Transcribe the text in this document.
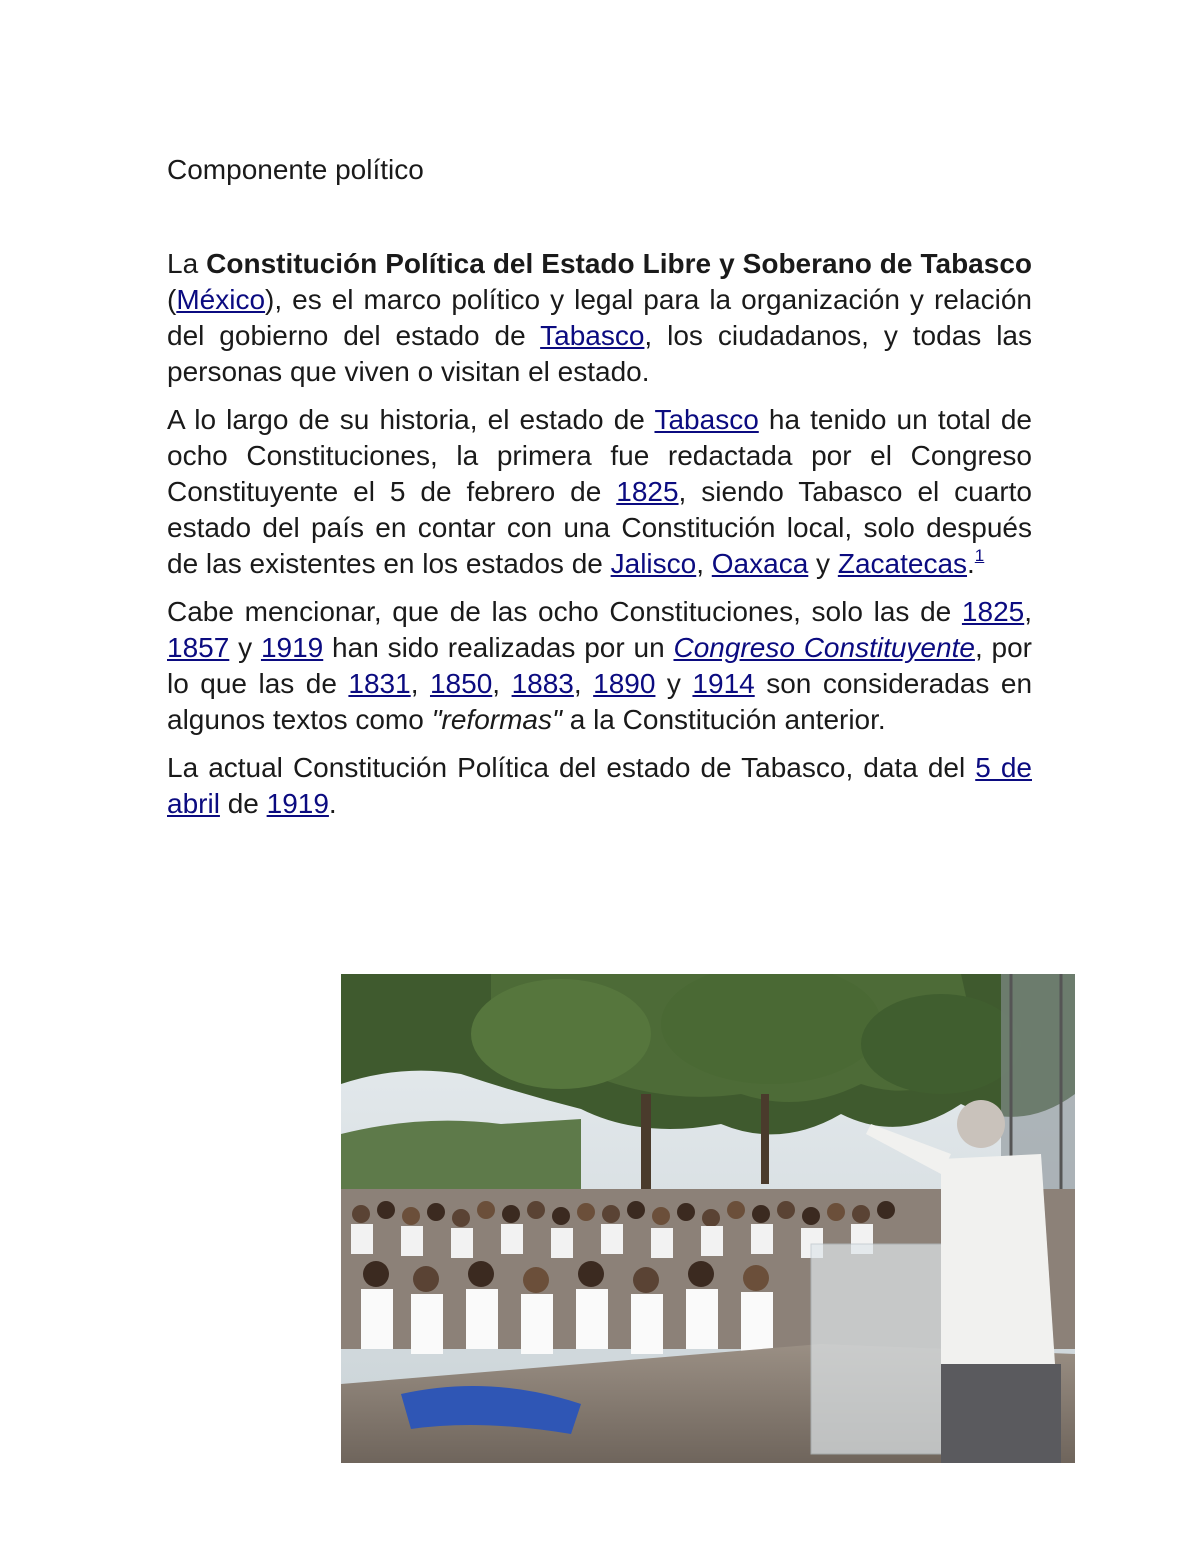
Componente político

La Constitución Política del Estado Libre y Soberano de Tabasco (México), es el marco político y legal para la organización y relación del gobierno del estado de Tabasco, los ciudadanos, y todas las personas que viven o visitan el estado.

A lo largo de su historia, el estado de Tabasco ha tenido un total de ocho Constituciones, la primera fue redactada por el Congreso Constituyente el 5 de febrero de 1825, siendo Tabasco el cuarto estado del país en contar con una Constitución local, solo después de las existentes en los estados de Jalisco, Oaxaca y Zacatecas.$^1$

Cabe mencionar, que de las ocho Constituciones, solo las de 1825, 1857 y 1919 han sido realizadas por un Congreso Constituyente, por lo que las de 1831, 1850, 1883, 1890 y 1914 son consideradas en algunos textos como "reformas" a la Constitución anterior.

La actual Constitución Política del estado de Tabasco, data del 5 de abril de 1919.
